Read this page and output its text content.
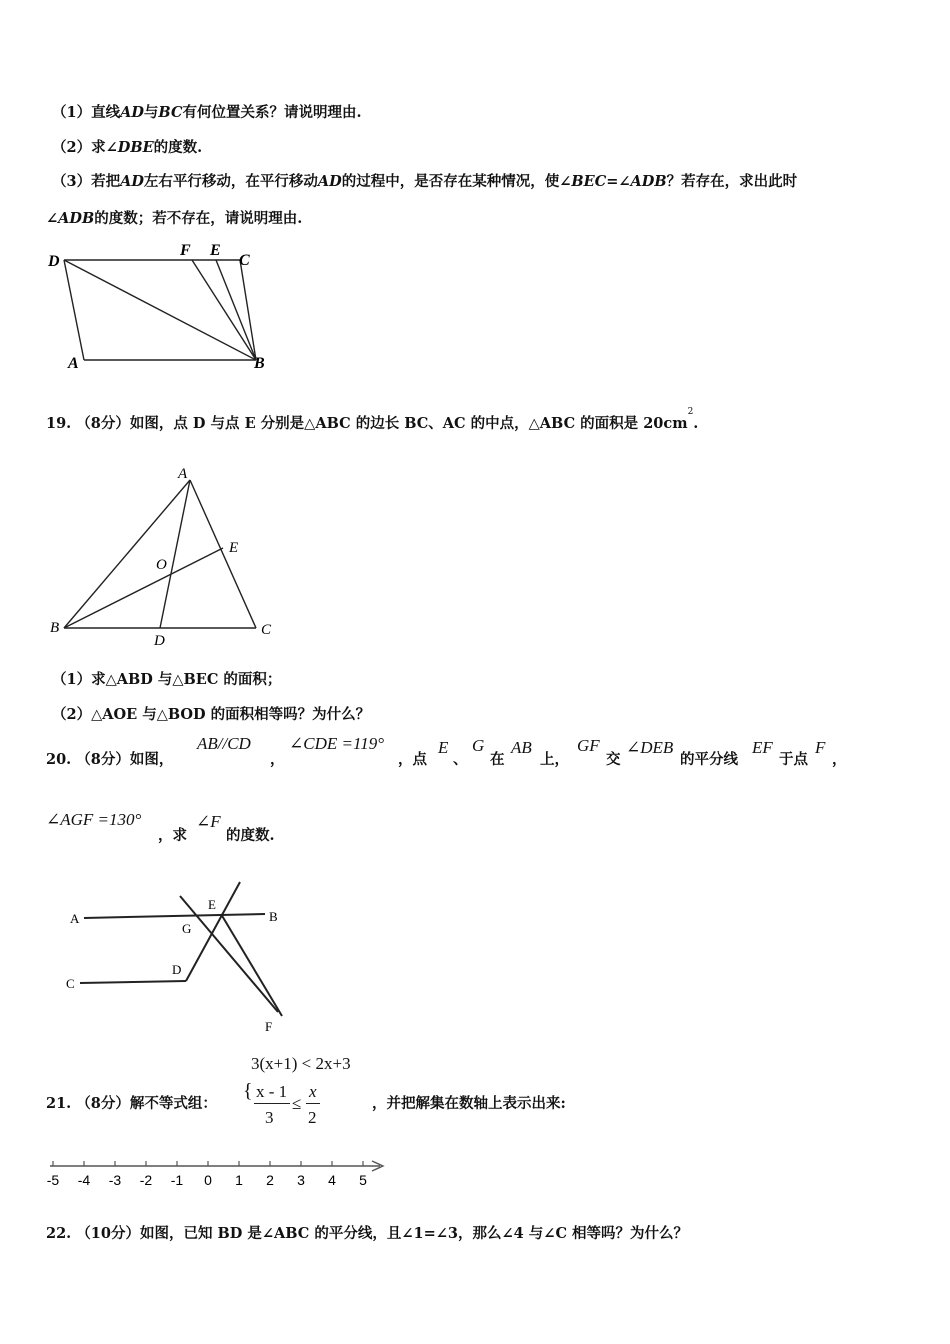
（1）直线AD与BC有何位置关系？请说明理由.
（2）求∠DBE的度数.
（3）若把AD左右平行移动，在平行移动AD的过程中，是否存在某种情况，使∠BEC=∠ADB？若存在，求出此时
∠ADB的度数；若不存在，请说明理由.
D
F E
C
A	B
19. （8分）如图，点 D 与点 E 分别是△ABC 的边长 BC、AC 的中点，△ABC 的面积是 $20cm^2$.
A
E
O
B
D
C
（1）求△ABD 与△BEC 的面积；
（2）△AOE 与△BOD 的面积相等吗？为什么？
20. （8分）如图，
AB//CD
，
∠CDE =119°
，点
E
、
G
在
AB
上，
GF
交
∠DEB
的平分线
EF
于点
F
，
∠AGF =130°
，求
∠F
的度数.
A
E
B
G
C
D
F
3(x+1) < 2x+3
21. （8分）解不等式组：
{ x - 1
3
≤
x
2
，并把解集在数轴上表示出来:
-5 -4 -3 -2 -1 0 1 2 3 4 5
22. （10分）如图，已知 BD 是∠ABC 的平分线，且∠1=∠3，那么∠4 与∠C 相等吗？为什么？
